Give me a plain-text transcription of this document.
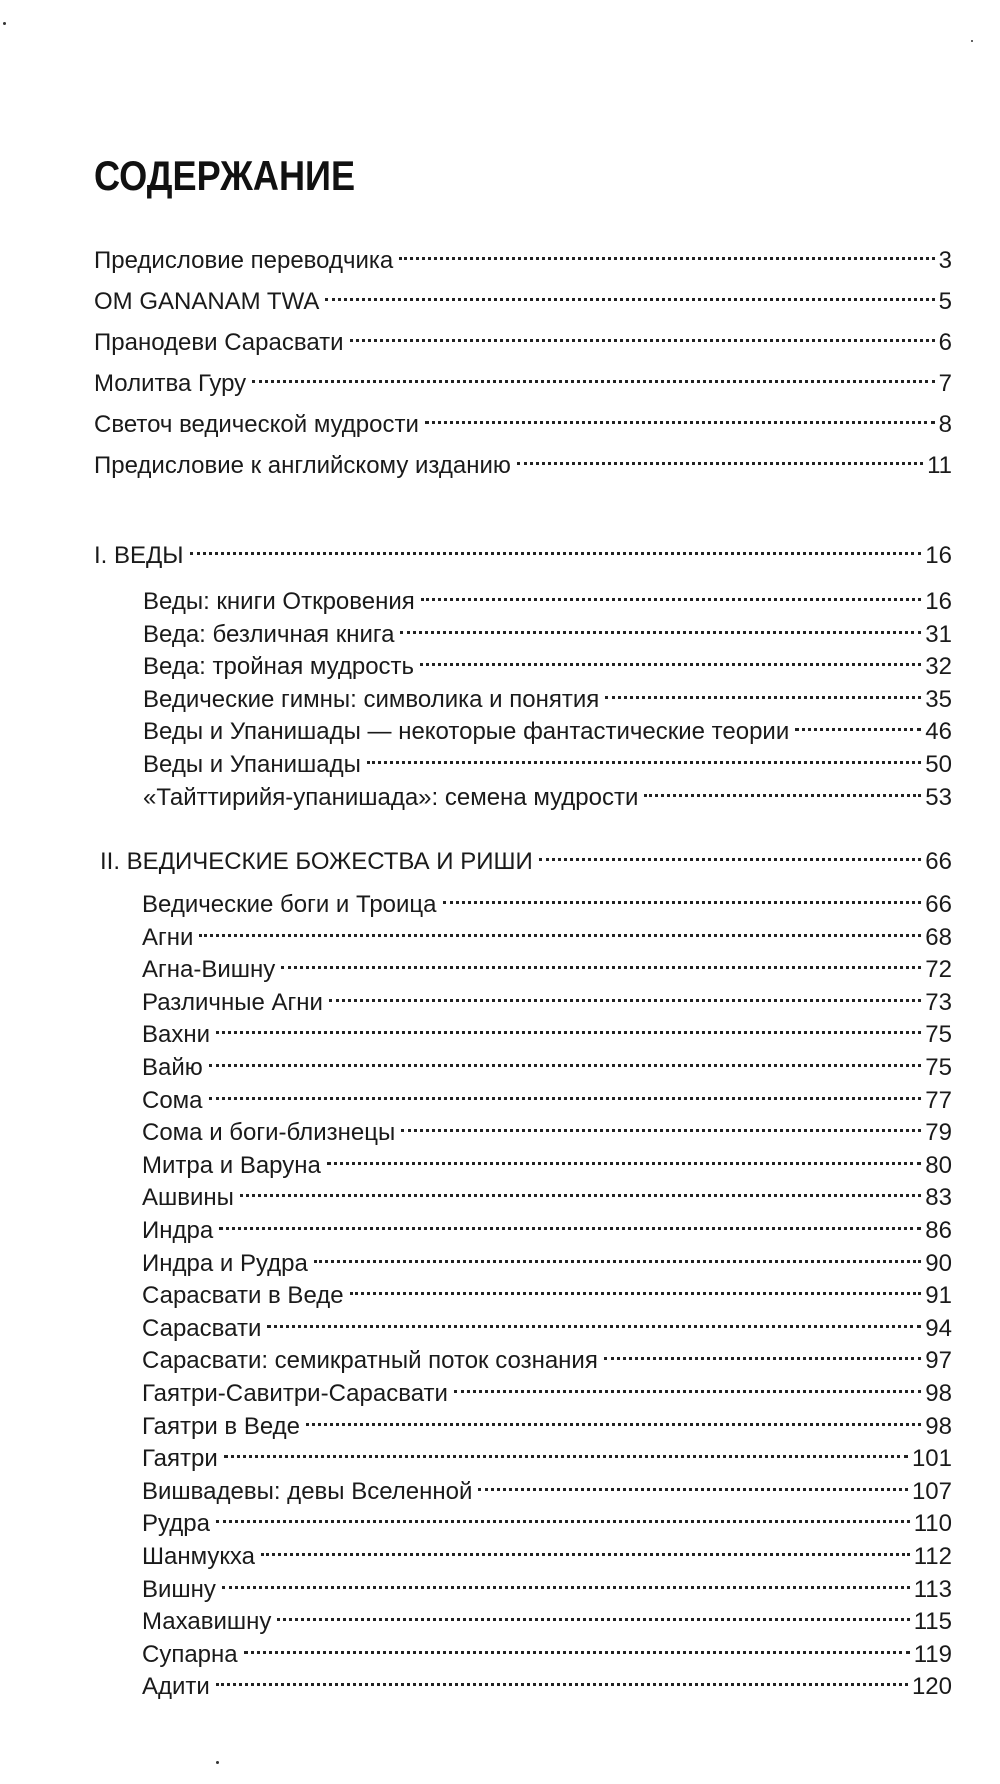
СОДЕРЖАНИЕ
Предисловие переводчика	3
OM GANANAM TWA	5
Пранодеви Сарасвати	6
Молитва Гуру	7
Светоч ведической мудрости	8
Предисловие к английскому изданию	11
I. ВЕДЫ	16
Веды: книги Откровения	16
Веда: безличная книга	31
Веда: тройная мудрость	32
Ведические гимны: символика и понятия	35
Веды и Упанишады — некоторые фантастические теории	46
Веды и Упанишады	50
«Тайттирийя-упанишада»: семена мудрости	53
II. ВЕДИЧЕСКИЕ БОЖЕСТВА И РИШИ	66
Ведические боги и Троица	66
Агни	68
Агна-Вишну	72
Различные Агни	73
Вахни	75
Вайю	75
Сома	77
Сома и боги-близнецы	79
Митра и Варуна	80
Ашвины	83
Индра	86
Индра и Рудра	90
Сарасвати в Веде	91
Сарасвати	94
Сарасвати: семикратный поток сознания	97
Гаятри-Савитри-Сарасвати	98
Гаятри в Веде	98
Гаятри	101
Вишвадевы: девы Вселенной	107
Рудра	110
Шанмукха	112
Вишну	113
Махавишну	115
Супарна	119
Адити	120
